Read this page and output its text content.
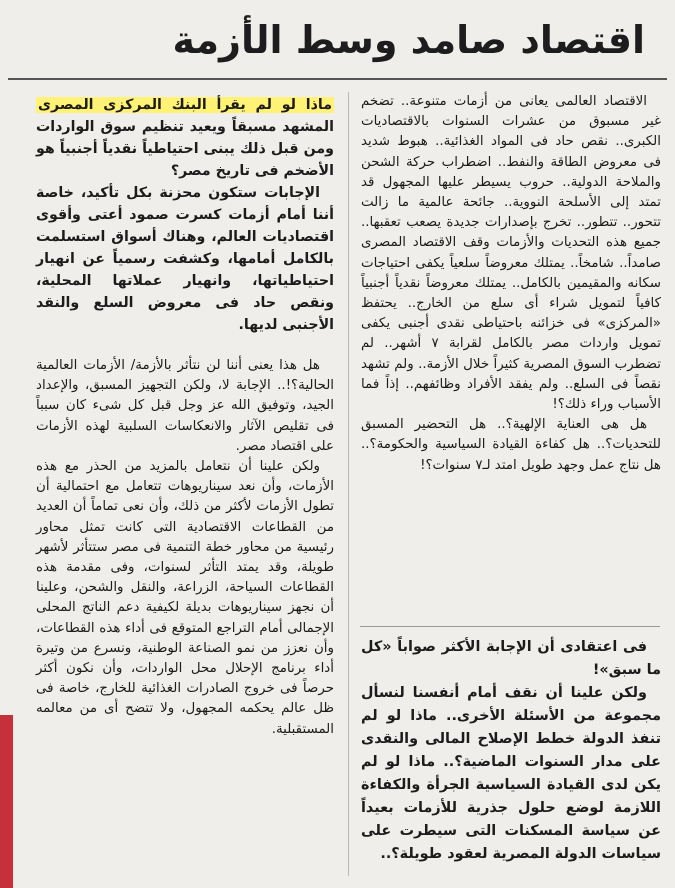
اقتصاد صامد وسط الأزمة

الاقتصاد العالمى يعانى من أزمات متنوعة.. تضخم غير مسبوق من عشرات السنوات بالاقتصاديات الكبرى.. نقص حاد فى المواد الغذائية.. هبوط شديد فى معروض الطاقة والنفط.. اضطراب حركة الشحن والملاحة الدولية.. حروب يسيطر عليها المجهول قد تمتد إلى الأسلحة النووية.. جائحة عالمية ما زالت تتحور.. تتطور.. تخرج بإصدارات جديدة يصعب تعقبها.. جميع هذه التحديات والأزمات وقف الاقتصاد المصرى صامداً.. شامخاً.. يمتلك معروضاً سلعياً يكفى احتياجات سكانه والمقيمين بالكامل.. يمتلك معروضاً نقدياً أجنبياً كافياً لتمويل شراء أى سلع من الخارج.. يحتفظ «المركزى» فى خزائنه باحتياطى نقدى أجنبى يكفى تمويل واردات مصر بالكامل لقرابة ٧ أشهر.. لم تضطرب السوق المصرية كثيراً خلال الأزمة.. ولم تشهد نقصاً فى السلع.. ولم يفقد الأفراد وظائفهم.. إذاً فما الأسباب وراء ذلك؟!

هل هى العناية الإلهية؟.. هل التحضير المسبق للتحديات؟.. هل كفاءة القيادة السياسية والحكومة؟.. هل نتاج عمل وجهد طويل امتد لـ٧ سنوات؟!

فى اعتقادى أن الإجابة الأكثر صواباً «كل ما سبق»!

ولكن علينا أن نقف أمام أنفسنا لنسأل مجموعة من الأسئلة الأخرى.. ماذا لو لم تنفذ الدولة خطط الإصلاح المالى والنقدى على مدار السنوات الماضية؟.. ماذا لو لم يكن لدى القيادة السياسية الجرأة والكفاءة اللازمة لوضع حلول جذرية للأزمات بعيداً عن سياسة المسكنات التى سيطرت على سياسات الدولة المصرية لعقود طويلة؟..

ماذا لو لم يقرأ البنك المركزى المصرى المشهد مسبقاً ويعيد تنظيم سوق الواردات ومن قبل ذلك يبنى احتياطياً نقدياً أجنبياً هو الأضخم فى تاريخ مصر؟

الإجابات ستكون محزنة بكل تأكيد، خاصة أننا أمام أزمات كسرت صمود أعتى وأقوى اقتصاديات العالم، وهناك أسواق استسلمت بالكامل أمامها، وكشفت رسمياً عن انهيار احتياطياتها، وانهيار عملاتها المحلية، ونقص حاد فى معروض السلع والنقد الأجنبى لديها.

هل هذا يعنى أننا لن نتأثر بالأزمة/ الأزمات العالمية الحالية؟!.. الإجابة لا، ولكن التجهيز المسبق، والإعداد الجيد، وتوفيق الله عز وجل قبل كل شىء كان سبباً فى تقليص الآثار والانعكاسات السلبية لهذه الأزمات على اقتصاد مصر.

ولكن علينا أن نتعامل بالمزيد من الحذر مع هذه الأزمات، وأن نعد سيناريوهات تتعامل مع احتمالية أن تطول الأزمات لأكثر من ذلك، وأن نعى تماماً أن العديد من القطاعات الاقتصادية التى كانت تمثل محاور رئيسية من محاور خطة التنمية فى مصر ستتأثر لأشهر طويلة، وقد يمتد التأثر لسنوات، وفى مقدمة هذه القطاعات السياحة، الزراعة، والنقل والشحن، وعلينا أن نجهز سيناريوهات بديلة لكيفية دعم الناتج المحلى الإجمالى أمام التراجع المتوقع فى أداء هذه القطاعات، وأن نعزز من نمو الصناعة الوطنية، ونسرع من وتيرة أداء برنامج الإحلال محل الواردات، وأن نكون أكثر حرصاً فى خروج الصادرات الغذائية للخارج، خاصة فى ظل عالم يحكمه المجهول، ولا تتضح أى من معالمه المستقبلية.
